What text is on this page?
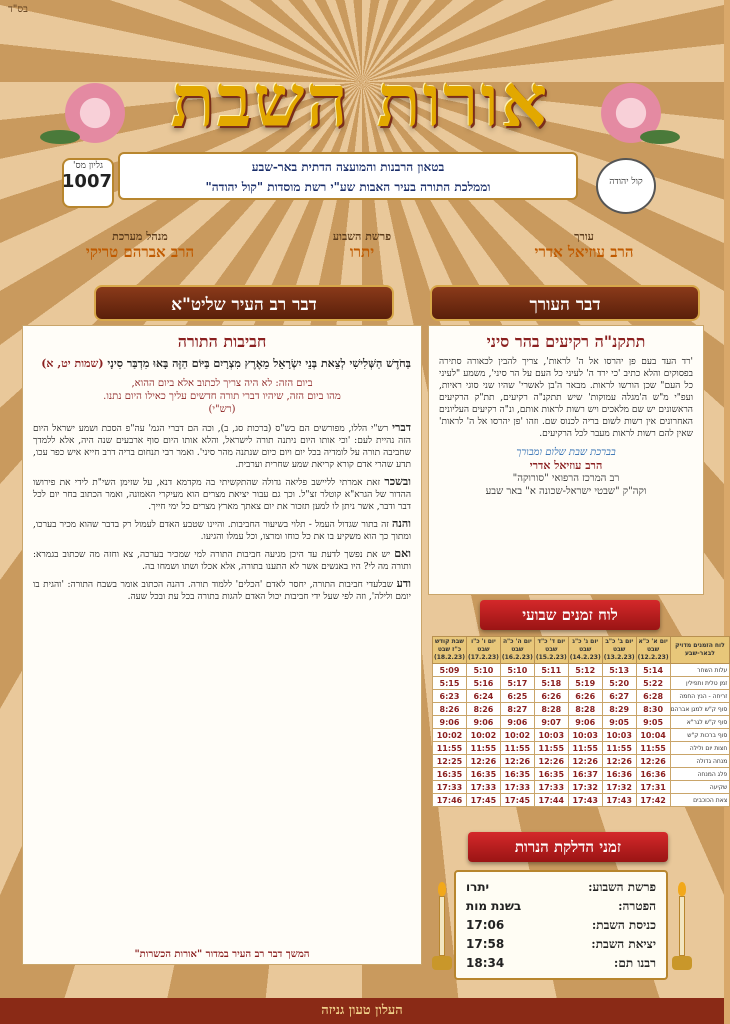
בס"ד
אורות השבת
גליון מס'
1007
בטאון הרבנות והמועצה הדתית באר-שבע
וממלכת התורה בעיר האבות שע"י רשת מוסדות "קול יהודה"	קול יהודה
עורך
הרב עוזיאל אדרי
פרשת השבוע
יתרו
מנהל מערכת
הרב אברהם טריקי
דבר רב העיר שליט"א	דבר העורך
חביבות התורה
בַּחֹדֶשׁ הַשְּׁלִישִׁי לְצֵאת בְּנֵי יִשְׂרָאֵל מֵאֶרֶץ מִצְרָיִם בַּיּוֹם הַזֶּה בָּאוּ מִדְבַּר סִינָי (שמות יט, א)
ביום הזה: לא היה צריך לכתוב אלא ביום ההוא,
מהו ביום הזה, שיהיו דברי תורה חדשים עליך כאילו היום נתנו.
(רש"י)

דברי רש"י הללו, מפורשים הם בש"ס (ברכות סג, ב), וכה הם דברי הגמ' עה"פ הסכת ושמע ישראל היום הזה נהיית לעם: 'וכי אותו היום ניתנה תורה לישראל, והלא אותו היום סוף ארבעים שנה היה, אלא ללמדך שחביבה תורה על לומדיה בכל יום ויום כיום שנתנה מהר סיני'. ואמר רבי תנחום בריה דרב חייא איש כפר עכו, תדע שהרי אדם קורא קריאת שמע שחרית וערבית.

ובשכר זאת אמרתי לליישב פליאה גדולה שהתקשיתי בה מקדמא דנא, על שזימן השי"ת לידי את פירושו ההדור של הגרא"א קוטלר זצ"ל. וכך גם עבור יציאת מצרים הוא מעיקרי האמונה, ואמר הכתוב בחר יום לכל דבר ודבר, אשר ניתן לו למען תזכור את יום צאתך מארץ מצרים כל ימי חייך.

והנה זה בתור שגדול העמל - תלוי בשיעור החביבות. והיינו שטבע האדם לעמול רק בדבר שהוא מכיר בערכו, ומתוך כך הוא משקיע בו את כל כוחו ומרצו, וכל עמלו והגיעו.

ואם יש את נפשך לדעת עד היכן מגיעה חביבות התורה למי שמכיר בערכה, צא וחזה מה שכתוב בגמרא: ותורה מה לי? היו באנשים אשר לא התענו בתורה, אלא אכלו ושתו ושמחו בה.

ודע שבלעדי חביבות התורה, יחסר לאדם 'הכלים' ללמוד תורה. דהנה הכתוב אומר בשבח התורה: 'והגית בו יומם ולילה', וזה לפי שעל ידי חביבות יכול האדם להגות בתורה בכל עת ובכל שעה.

המשך דבר רב העיר במדור "אורות הכשרות"
תתקנ"ה רקיעים בהר סיני

'רד העד בעם פן יהרסו אל ה' לראות', צריך להבין לכאורה סתירה בפסוקים והלא כתיב 'כי ירד ה' לעיני כל העם על הר סיני', משמע "לעיני כל העם" שכן הורשו לראות. מבאר ה'בן לאשרי' שהיו שני סוגי ראיות, ועפ"י מ"ש ה'מגלה עמוקות' שיש תתקנ"ה רקיעים, תת"ק הרקיעים הראשונים יש שם מלאכים ויש רשות לראות אותם, ונ"ה רקיעים העליונים האחרונים אין רשות לשום בריה לכנוס שם. וזהו 'פן יהרסו אל ה' לראות' שאין להם רשות לראות מעבר לכל הרקיעים.

בברכת שבת שלום ומבורך
הרב עוזיאל אדרי
רב המרכז הרפואי "סורוקה"
וקה"ק "שבטי ישראל-שכונה א" באר שבע
לוח זמנים שבועי
לוח הזמנים מדויק לבאר-שבע	יום א' כ"א שבט (12.2.23)	יום ב' כ"ב שבט (13.2.23)	יום ג' כ"ג שבט (14.2.23)	יום ד' כ"ד שבט (15.2.23)	יום ה' כ"ה שבט (16.2.23)	יום ו' כ"ו שבט (17.2.23)	שבת קודש כ"ז שבט (18.2.23)
עלות השחר	5:14	5:13	5:12	5:11	5:10	5:10	5:09
זמן טלית ותפילין	5:22	5:20	5:19	5:18	5:17	5:16	5:15
זריחה - הנץ החמה	6:28	6:27	6:26	6:26	6:25	6:24	6:23
סוף ק"ש למגן אברהם	8:30	8:29	8:28	8:28	8:27	8:26	8:26
סוף ק"ש לגר"א	9:05	9:05	9:06	9:07	9:06	9:06	9:06
סוף ברכות ק"ש	10:04	10:03	10:03	10:03	10:02	10:02	10:02
חצות יום ולילה	11:55	11:55	11:55	11:55	11:55	11:55	11:55
מנחה גדולה	12:26	12:26	12:26	12:26	12:26	12:26	12:25
פלג המנחה	16:36	16:36	16:37	16:35	16:35	16:35	16:35
שקיעה	17:31	17:32	17:32	17:33	17:33	17:33	17:33
צאת הכוכבים	17:42	17:43	17:43	17:44	17:45	17:45	17:46
זמני הדלקת הנרות
פרשת השבוע:
יתרו
הפטרה:
בשנת מות
כניסת השבת:
17:06
יציאת השבת:
17:58
רבנו תם:
18:34
העלון טעון גניזה
